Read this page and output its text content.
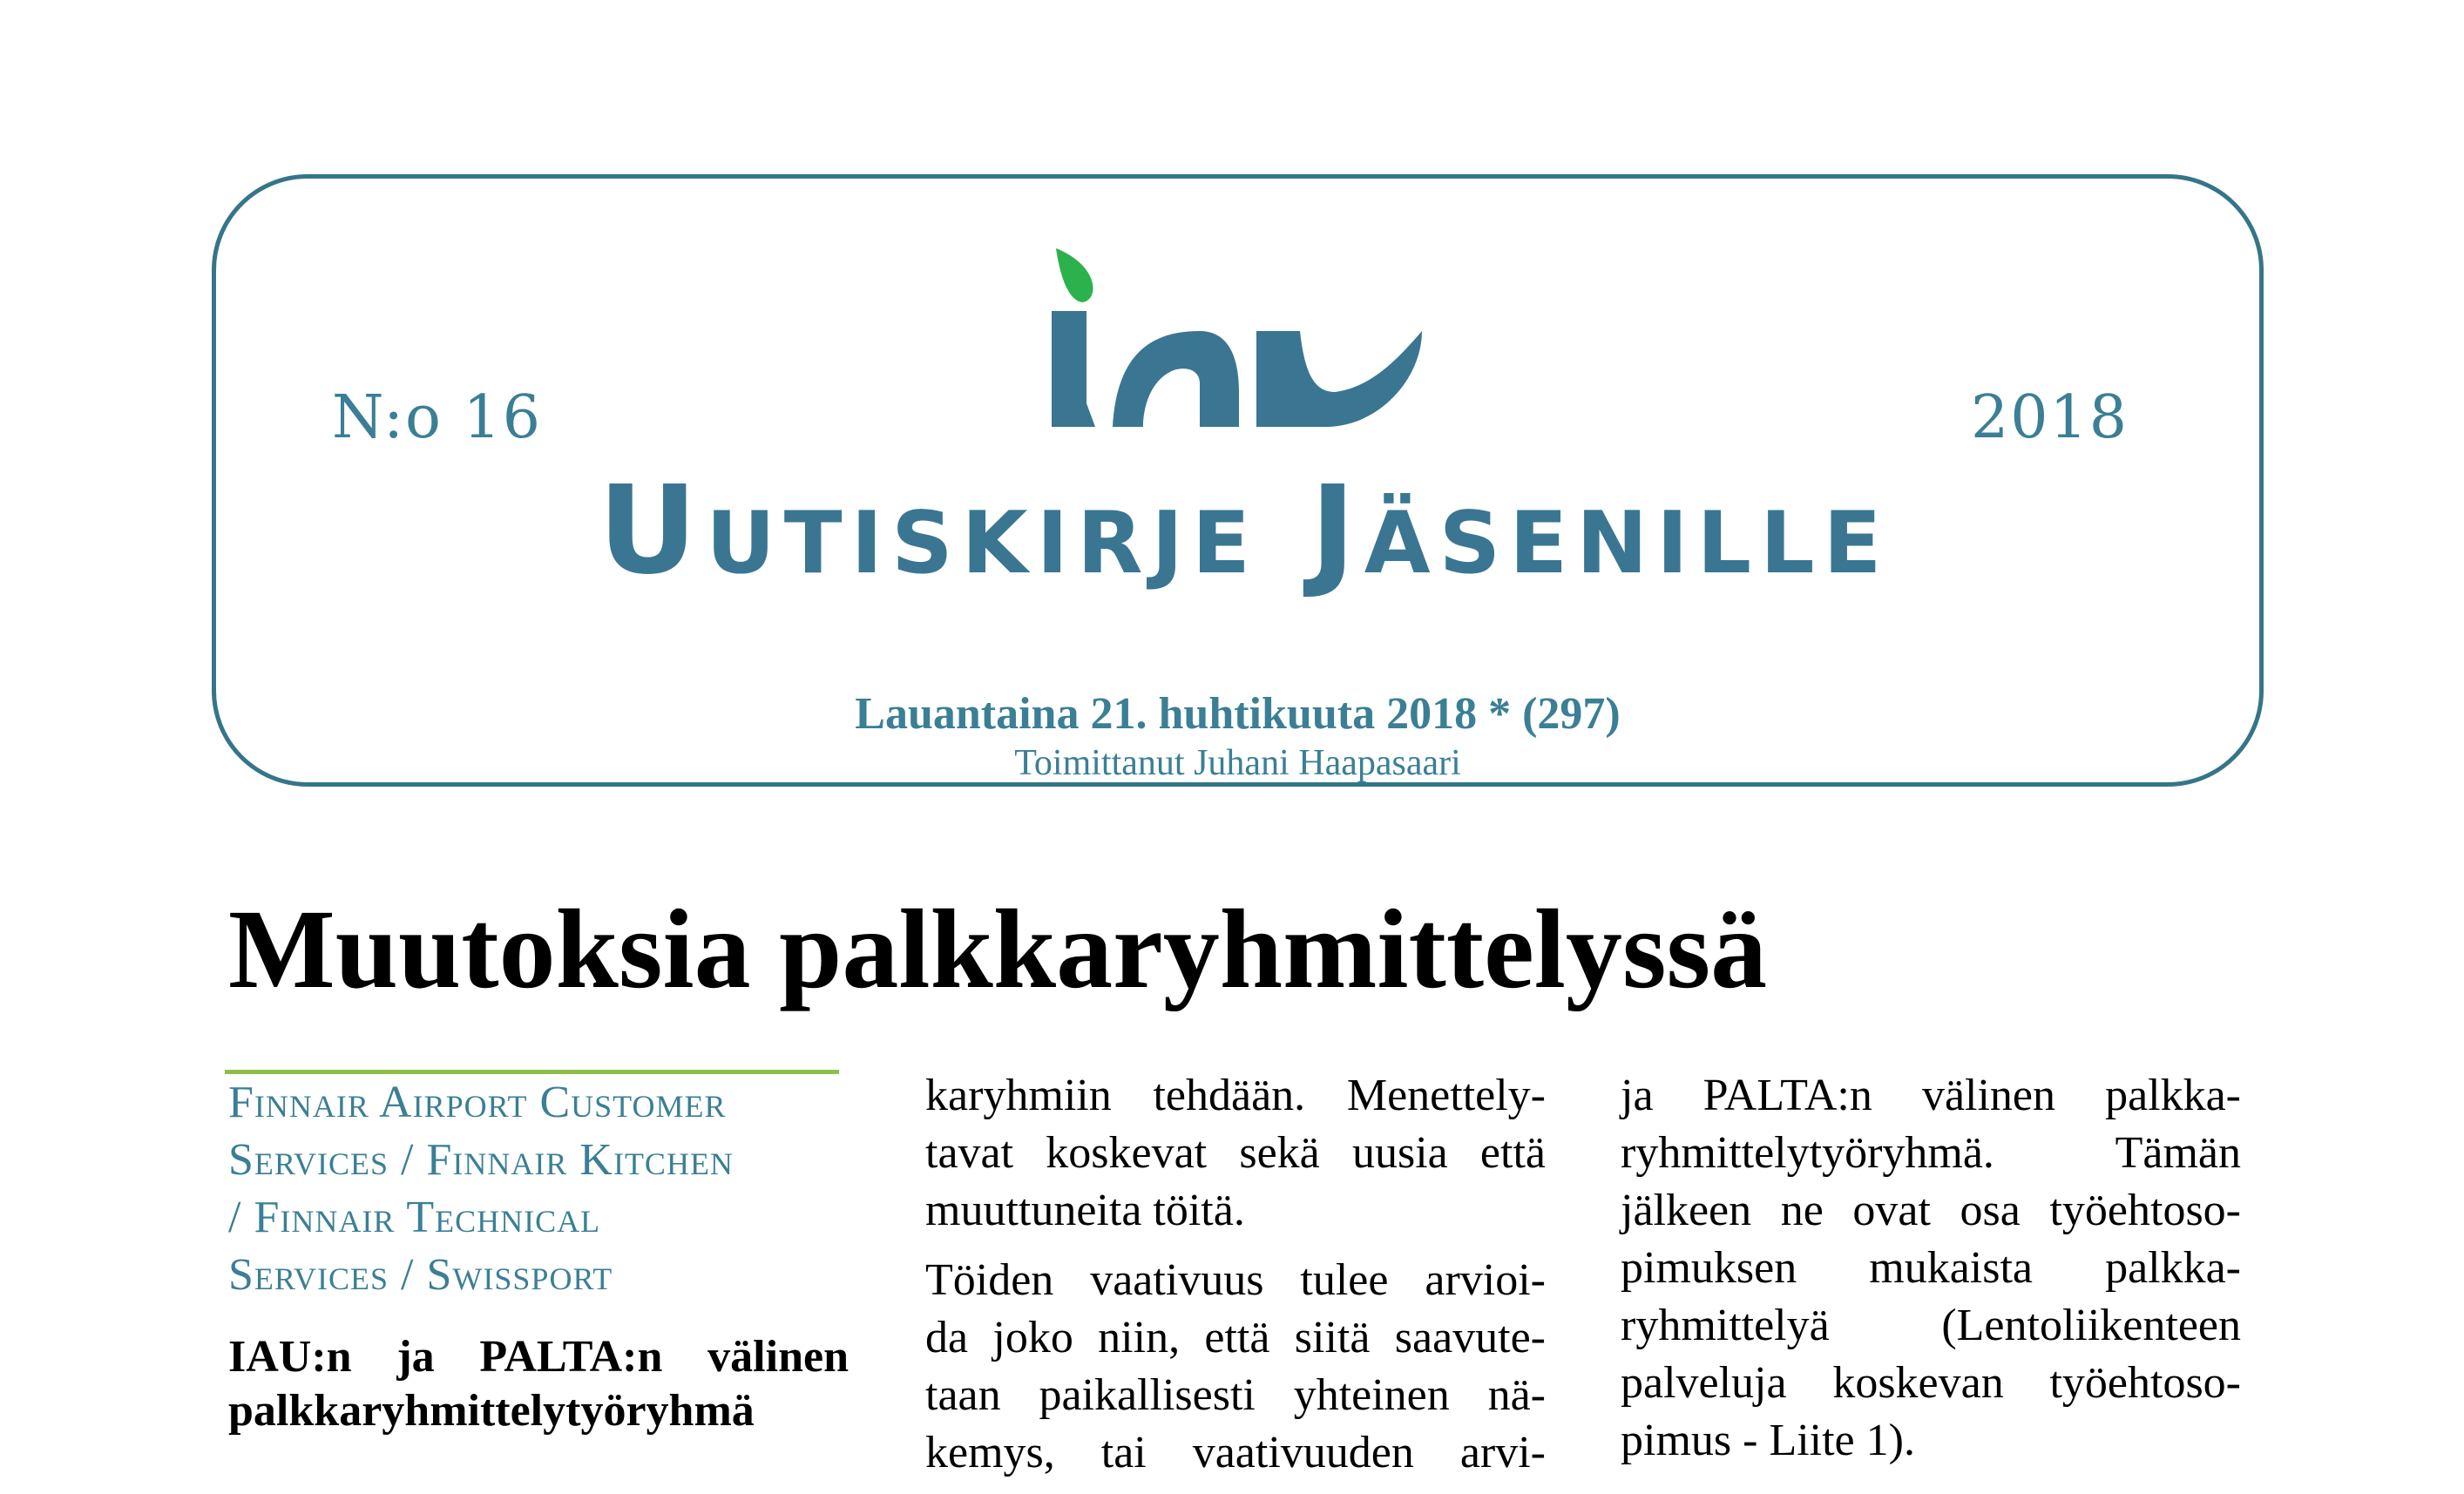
N:o 16	2018
Uutiskirje Jäsenille
Lauantaina 21. huhtikuuta 2018 * (297)
Toimittanut Juhani Haapasaari
Muutoksia palkkaryhmittelyssä
Finnair Airport Customer
Services / Finnair Kitchen
/ Finnair Technical
Services / Swissport
IAU:n ja PALTA:n välinen
palkkaryhmittelytyöryhmä

karyhmiin tehdään. Menettely-
tavat koskevat sekä uusia että
muuttuneita töitä.

Töiden vaativuus tulee arvioi-
da joko niin, että siitä saavute-
taan paikallisesti yhteinen nä-
kemys, tai vaativuuden arvi-

ja PALTA:n välinen palkka-
ryhmittelytyöryhmä. Tämän
jälkeen ne ovat osa työehtoso-
pimuksen mukaista palkka-
ryhmittelyä (Lentoliikenteen
palveluja koskevan työehtoso-
pimus - Liite 1).
